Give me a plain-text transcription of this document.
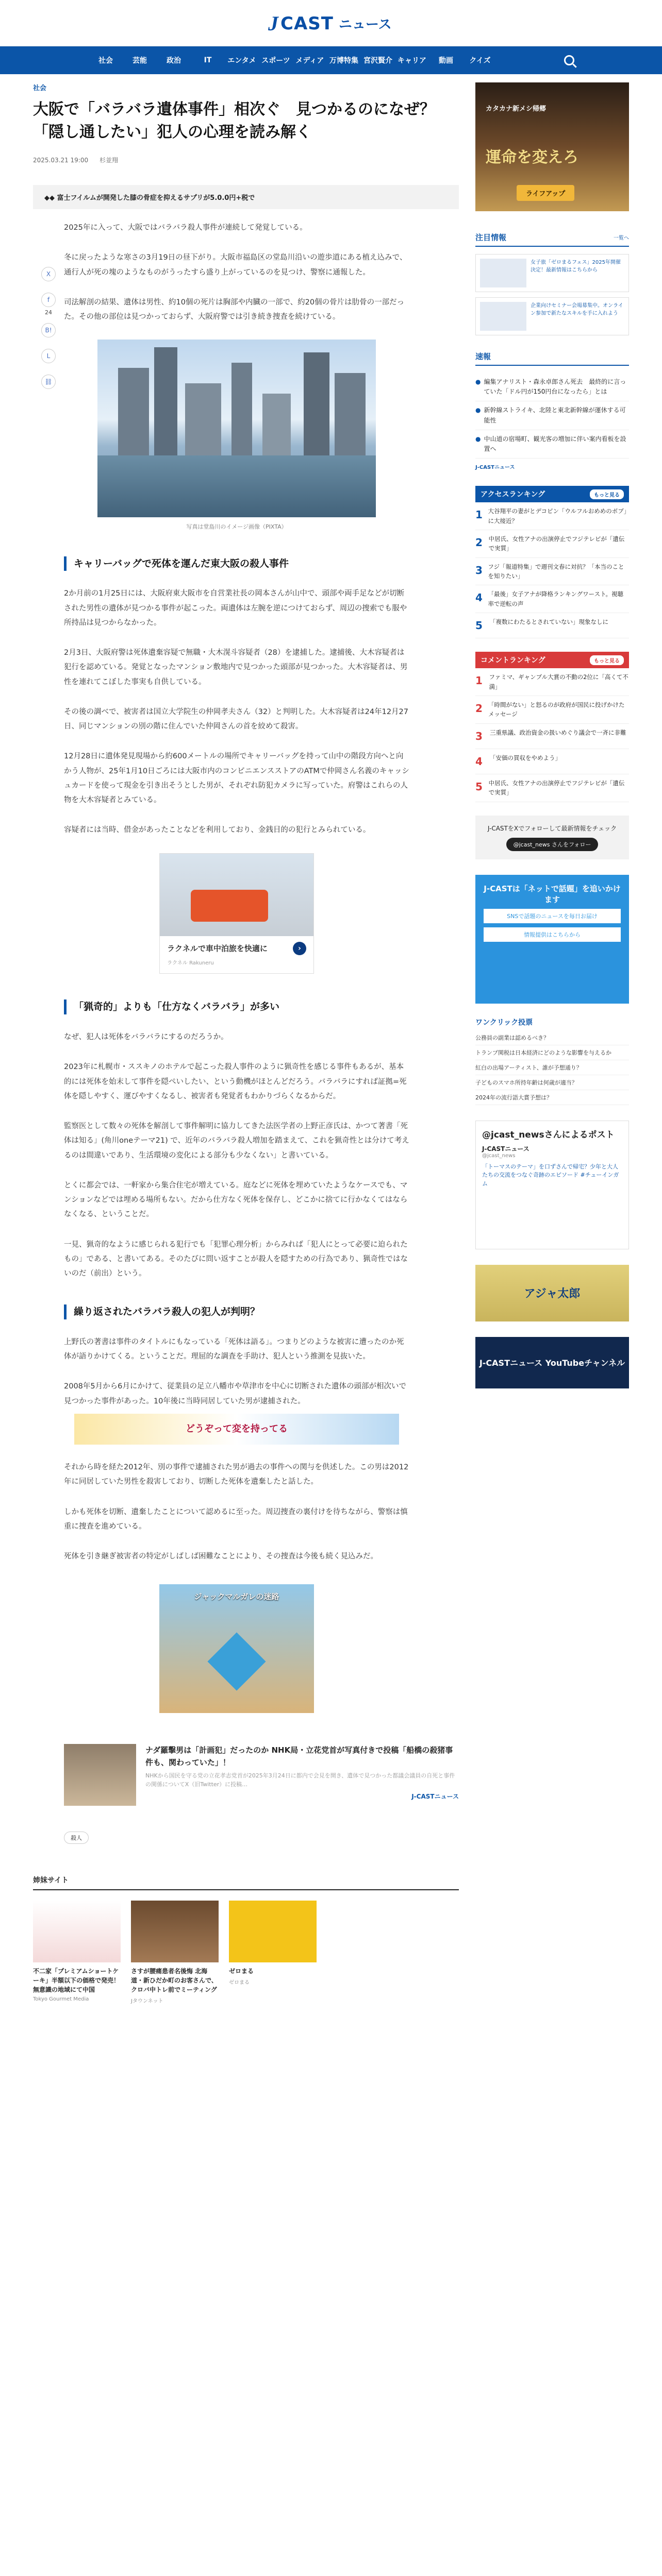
J CAST ニュース
社会	芸能	政治	IT	エンタメ スポーツ メディア 万博特集 宮沢賢介 キャリア	動画	クイズ
社会
大阪で「バラバラ遺体事件」相次ぐ　見つかるのになぜ？「隠し通したい」犯人の心理を読み解く
2025.03.21 19:00 杉並翔
◆◆ 富士フイルムが開発した膝の骨症を抑えるサプリが5.0.0円+税で
X
f
24
B!
L
⛓

2025年に入って、大阪ではバラバラ殺人事件が連続して発覚している。

冬に戻ったような寒さの3月19日の昼下がり。大阪市福島区の堂島川沿いの遊歩道にある植え込みで、通行人が死の塊のようなものがうったすら盛り上がっているのを見つけ、警察に通報した。

司法解剖の結果、遺体は男性、約10個の死片は胸部や内臓の一部で、約20個の骨片は肋骨の一部だった。その他の部位は見つかっておらず、大阪府警では引き続き捜査を続けている。

写真は堂島川のイメージ画像（PIXTA）
キャリーバッグで死体を運んだ東大阪の殺人事件

2か月前の1月25日には、大阪府東大阪市を自営業社長の岡本さんが山中で、頭部や両手足などが切断された男性の遺体が見つかる事件が起こった。両遺体は左腕を逆につけておらず、周辺の捜索でも服や所持品は見つからなかった。

2月3日、大阪府警は死体遺棄容疑で無職・大木滉斗容疑者（28）を逮捕した。逮捕後、大木容疑者は犯行を認めている。発覚となったマンション敷地内で見つかった頭部が見つかった。大木容疑者は、男性を連れてこぼした事実も自供している。

その後の調べで、被害者は国立大学院生の仲岡孝夫さん（32）と判明した。大木容疑者は24年12月27日、同じマンションの別の階に住んでいた仲岡さんの首を絞めて殺害。

12月28日に遺体発見現場から約600メートルの場所でキャリーバッグを持って山中の階段方向へと向かう人物が、25年1月10日ごろには大阪市内のコンビニエンスストアのATMで仲岡さん名義のキャッシュカードを使って現金を引き出そうとした男が、それぞれ防犯カメラに写っていた。府警はこれらの人物を大木容疑者とみている。

容疑者には当時、借金があったことなどを利用しており、金銭目的の犯行とみられている。

ラクネルで車中泊旅を快適に	›
ラクネル Rakuneru
「猟奇的」よりも「仕方なくバラバラ」が多い

なぜ、犯人は死体をバラバラにするのだろうか。

2023年に札幌市・ススキノのホテルで起こった殺人事件のように猟奇性を感じる事件もあるが、基本的には死体を始末して事件を隠ぺいしたい、という動機がほとんどだろう。バラバラにすれば証拠=死体を隠しやすく、運びやすくなるし、被害者も発覚者もわかりづらくなるからだ。

監察医として数々の死体を解剖して事件解明に協力してきた法医学者の上野正彦氏は、かつて著書「死体は知る」(角川oneテーマ21) で、近年のバラバラ殺人増加を踏まえて、これを猟奇性とは分けて考えるのは間違いであり、生活環境の変化による部分も少なくない」と書いている。

とくに都会では、一軒家から集合住宅が増えている。庭などに死体を埋めていたようなケースでも、マンションなどでは埋める場所もない。だから仕方なく死体を保存し、どこかに捨てに行かなくてはならなくなる、ということだ。

一見、猟奇的なように感じられる犯行でも「犯罪心理分析」からみれば「犯人にとって必要に迫られたもの」である、と書いてある。そのたびに問い返すことが殺人を隠すための行為であり、猟奇性ではないのだ（前出）という。

繰り返されたバラバラ殺人の犯人が判明？

上野氏の著書は事件のタイトルにもなっている「死体は語る」。つまりどのような被害に遭ったのか死体が語りかけてくる。ということだ。理屈的な調査を手助け、犯人という推測を見抜いた。

2008年5月から6月にかけて、従業員の足立八幡市や草津市を中心に切断された遺体の頭部が相次いで見つかった事件があった。10年後に当時同居していた男が逮捕された。

どうぞって変を持ってる

それから時を経た2012年、別の事件で逮捕された男が過去の事件への関与を供述した。この男は2012年に同居していた男性を殺害しており、切断した死体を遺棄したと話した。

しかも死体を切断、遺棄したことについて認めるに至った。周辺捜査の裏付けを待ちながら、警察は慎重に捜査を進めている。

死体を引き継ぎ被害者の特定がしばしば困難なことにより、その捜査は今後も続く見込みだ。

ジャックマルガレの迷路
ナダ羅擊男は「計画犯」だったのか NHK局・立花党首が写真付きで投稿「船橋の殺猪事件も、関わっていた」！
NHKから国民を守る党の立花孝志党首が2025年3月24日に都内で会見を開き、遺体で見つかった都議会議員の自死と事件の関係についてX（旧Twitter）に投稿…
J-CASTニュース
殺人
姉妹サイト
不二家「プレミアムショートケーキ」半額以下の価格で発売！無意識の地域にて中国
Tokyo Gourmet Media
さすが腰痛患者名後悔 北海道・新ひだか町のお客さんで、クロバ中トレ前でミーティング
Jタウンネット
ゼロまる
ゼロまる
カタカナ新メシ帰郷
運命を変えろ
ライフアップ
注目情報	一覧へ
女子旅「ゼロまるフェス」2025年開催決定！最新情報はこちらから
企業向けセミナー会場募集中。オンライン参加で新たなスキルを手に入れよう
速報
● 編集アナリスト・森永卓郎さん死去　最終的に言っていた「ドル円が150円台になったら」とは
● 新幹線ストライキ、北陸と東北新幹線が運休する可能性
● 中山道の宿場町、観光客の増加に伴い案内看板を設置へ
J-CASTニュース
アクセスランキング	もっと見る
1 大谷翔平の妻がとデコピン「ウルフルおめめのボブ」に大接近？
2	中居氏、女性アナの出演停止でフジテレビが「遺伝で実質」
3 フジ「報道特集」で週刊文春に対抗？「本当のことを知りたい」
4 「最後」女子アナが降格ランキングワースト。視聴率で逆転の声
5	「複数にわたるとされていない」現象なしに
コメントランキング	もっと見る
1	ファミマ、ギャンブル大賞の不動の2位に「高くて不満」
2 「時間がない」と怒るのが政府が国民に投げかけたメッセージ
3	三重県議、政治資金の扱いめぐり議会で一斉に非難
4	「安価の買収をやめよう」
5	中居氏、女性アナの出演停止でフジテレビが「遺伝で実質」
J-CASTをXでフォローして最新情報をチェック
@jcast_news さんをフォロー
J-CASTは「ネットで話題」を追いかけます
SNSで話題のニュースを毎日お届け
情報提供はこちらから
ワンクリック投票
公務員の副業は認めるべき？
トランプ関税は日本経済にどのような影響を与えるか
紅白の出場アーティスト、誰が予想通り？
子どものスマホ所持年齢は何歳が適当？
2024年の流行語大賞予想は？
@jcast_newsさんによるポスト
J-CASTニュース
@jcast_news
「トーマスのテーマ」を口ずさんで帰宅？少年と大人たちの交流をつなぐ奇跡のエピソード #チューインガム
アジャ太郎
J-CASTニュース YouTubeチャンネル
